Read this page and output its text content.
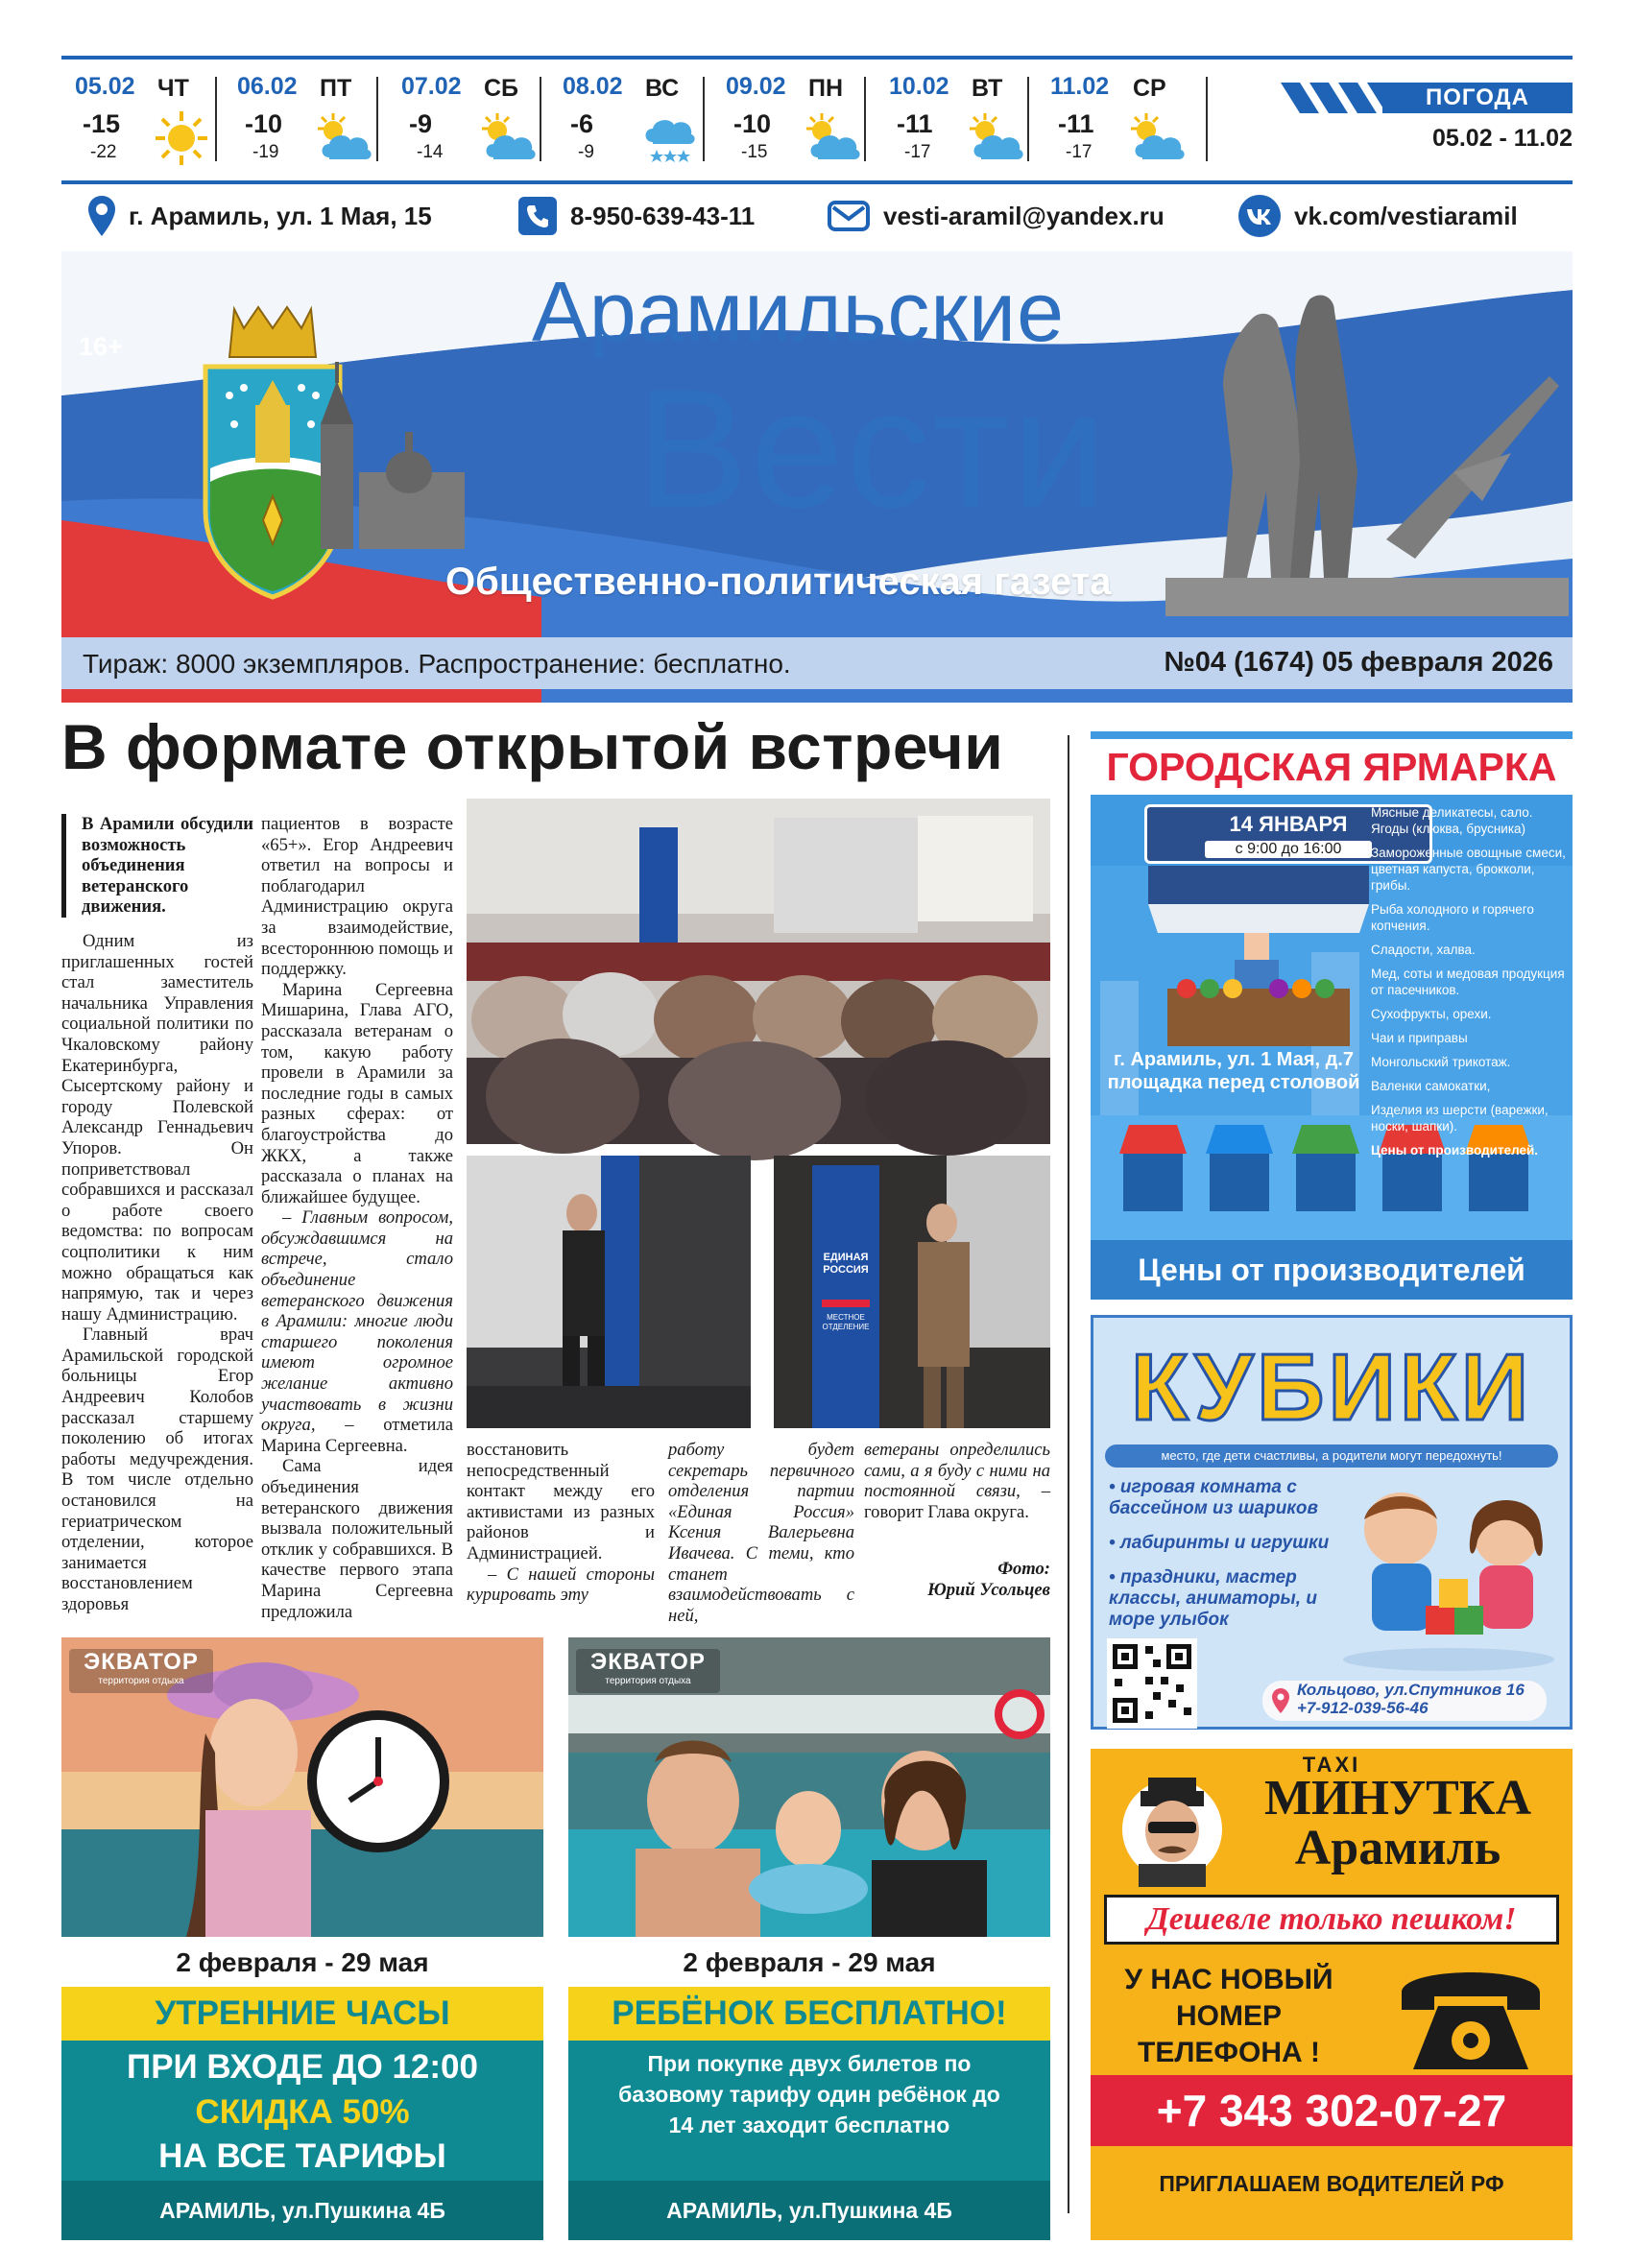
05.02 ЧТ
-15
-22
06.02 ПТ
-10
-19
07.02 СБ
-9
-14
08.02 ВС
-6
-9
09.02 ПН
-10
-15
10.02 ВТ
-11
-17
11.02 СР
-11
-17
ПОГОДА
05.02 - 11.02
г. Арамиль, ул. 1 Мая, 15	8-950-639-43-11	vesti-aramil@yandex.ru	vk.com/vestiaramil
16+	Арамильские
Вести
Общественно-политическая газета
Тираж: 8000 экземпляров. Распространение: бесплатно.	№04 (1674) 05 февраля 2026
В формате открытой встречи
В Арамили обсудили возможность объединения ветеранского движения.

Одним из приглашенных гостей стал заместитель начальника Управления социальной политики по Чкаловскому району Екатеринбурга, Сысертскому району и городу Полевской Александр Геннадьевич Упоров. Он поприветствовал собравшихся и рассказал о работе своего ведомства: по вопросам соцполитики к ним можно обращаться как напрямую, так и через нашу Администрацию.

Главный врач Арамильской городской больницы Егор Андреевич Колобов рассказал старшему поколению об итогах работы медучреждения. В том числе отдельно остановился на гериатрическом отделении, которое занимается восстановлением здоровья

пациентов в возрасте «65+». Егор Андреевич ответил на вопросы и поблагодарил Администрацию округа за взаимодействие, всестороннюю помощь и поддержку.

Марина Сергеевна Мишарина, Глава АГО, рассказала ветеранам о том, какую работу провели в Арамили за последние годы в самых разных сферах: от благоустройства до ЖКХ, а также рассказала о планах на ближайшее будущее.

– Главным вопросом, обсуждавшимся на встрече, стало объединение ветеранского движения в Арамили: многие люди старшего поколения имеют огромное желание активно участвовать в жизни округа, – отметила Марина Сергеевна.

Сама идея объединения ветеранского движения вызвала положительный отклик у собравшихся. В качестве первого этапа Марина Сергеевна предложила

ЕДИНАЯ РОССИЯ
МЕСТНОЕ ОТДЕЛЕНИЕ

восстановить непосредственный контакт между его активистами из разных районов и Администрацией.

– С нашей стороны курировать эту

работу будет секретарь первичного отделения партии «Единая Россия» Ксения Валерьевна Ивачева. С теми, кто станет взаимодействовать с ней,

ветераны определились сами, а я буду с ними на постоянной связи, – говорит Глава округа.

Фото:
Юрий Усольцев
ГОРОДСКАЯ ЯРМАРКА
14 ЯНВАРЯ
с 9:00 до 16:00
Мясные деликатесы, сало. Ягоды (клюква, брусника)
Замороженные овощные смеси, цветная капуста, брокколи, грибы.
Рыба холодного и горячего копчения.
Сладости, халва.
Мед, соты и медовая продукция от пасечников.
Сухофрукты, орехи.
Чаи и приправы
Монгольский трикотаж.
Валенки самокатки,
Изделия из шерсти (варежки, носки, шапки).
Цены от производителей.
г. Арамиль, ул. 1 Мая, д.7
площадка перед столовой
Цены от производителей
КУБИКИ
место, где дети счастливы, а родители могут передохнуть!
• игровая комната с бассейном из шариков
• лабиринты и игрушки
• праздники, мастер классы, аниматоры, и море улыбок
Кольцово, ул.Спутников 16
+7-912-039-56-46
TAXI
МИНУТКА
Арамиль
Дешевле только пешком!
У НАС НОВЫЙ НОМЕР ТЕЛЕФОНА !
+7 343 302-07-27
ПРИГЛАШАЕМ ВОДИТЕЛЕЙ РФ
ЭКВАТОР
территория отдыха
2 февраля - 29 мая
УТРЕННИЕ ЧАСЫ
ПРИ ВХОДЕ ДО 12:00
СКИДКА 50%
НА ВСЕ ТАРИФЫ
АРАМИЛЬ, ул.Пушкина 4Б
ЭКВАТОР
территория отдыха
2 февраля - 29 мая
РЕБЁНОК БЕСПЛАТНО!
При покупке двух билетов по базовому тарифу один ребёнок до 14 лет заходит бесплатно
АРАМИЛЬ, ул.Пушкина 4Б
